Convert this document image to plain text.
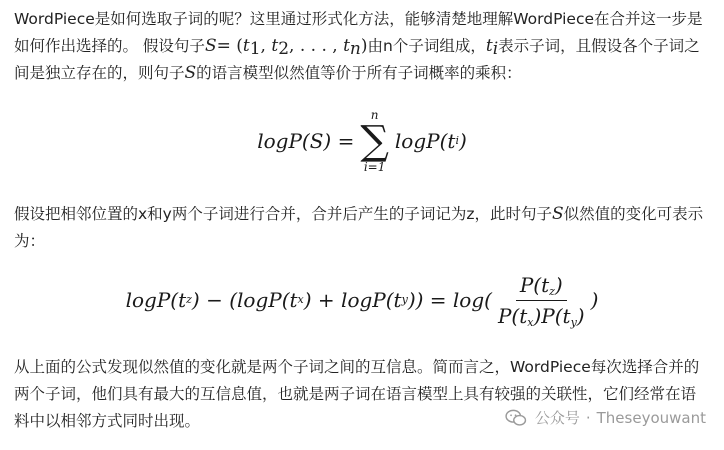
WordPiece是如何选取子词的呢？这里通过形式化方法，能够清楚地理解WordPiece在合并这一步是如何作出选择的。 假设句子$S= (t_1$, $t_2$, . . . , $t_n$)由n个子词组成，$t_i$表示子词，且假设各个子词之间是独立存在的，则句子S的语言模型似然值等价于所有子词概率的乘积：

logP(S) =
n
∑
i=1
logP( t i )

假设把相邻位置的x和y两个子词进行合并，合并后产生的子词记为z，此时句子S似然值的变化可表示为：

logP( t z ) − (logP( t x ) + logP( t y )) = $\log( \frac{P(t_z)}{P(t_x)P(t_y)}$ )

从上面的公式发现似然值的变化就是两个子词之间的互信息。简而言之，WordPiece每次选择合并的两个子词，他们具有最大的互信息值，也就是两子词在语言模型上具有较强的关联性，它们经常在语料中以相邻方式同时出现。	公众号 · Theseyouwant
